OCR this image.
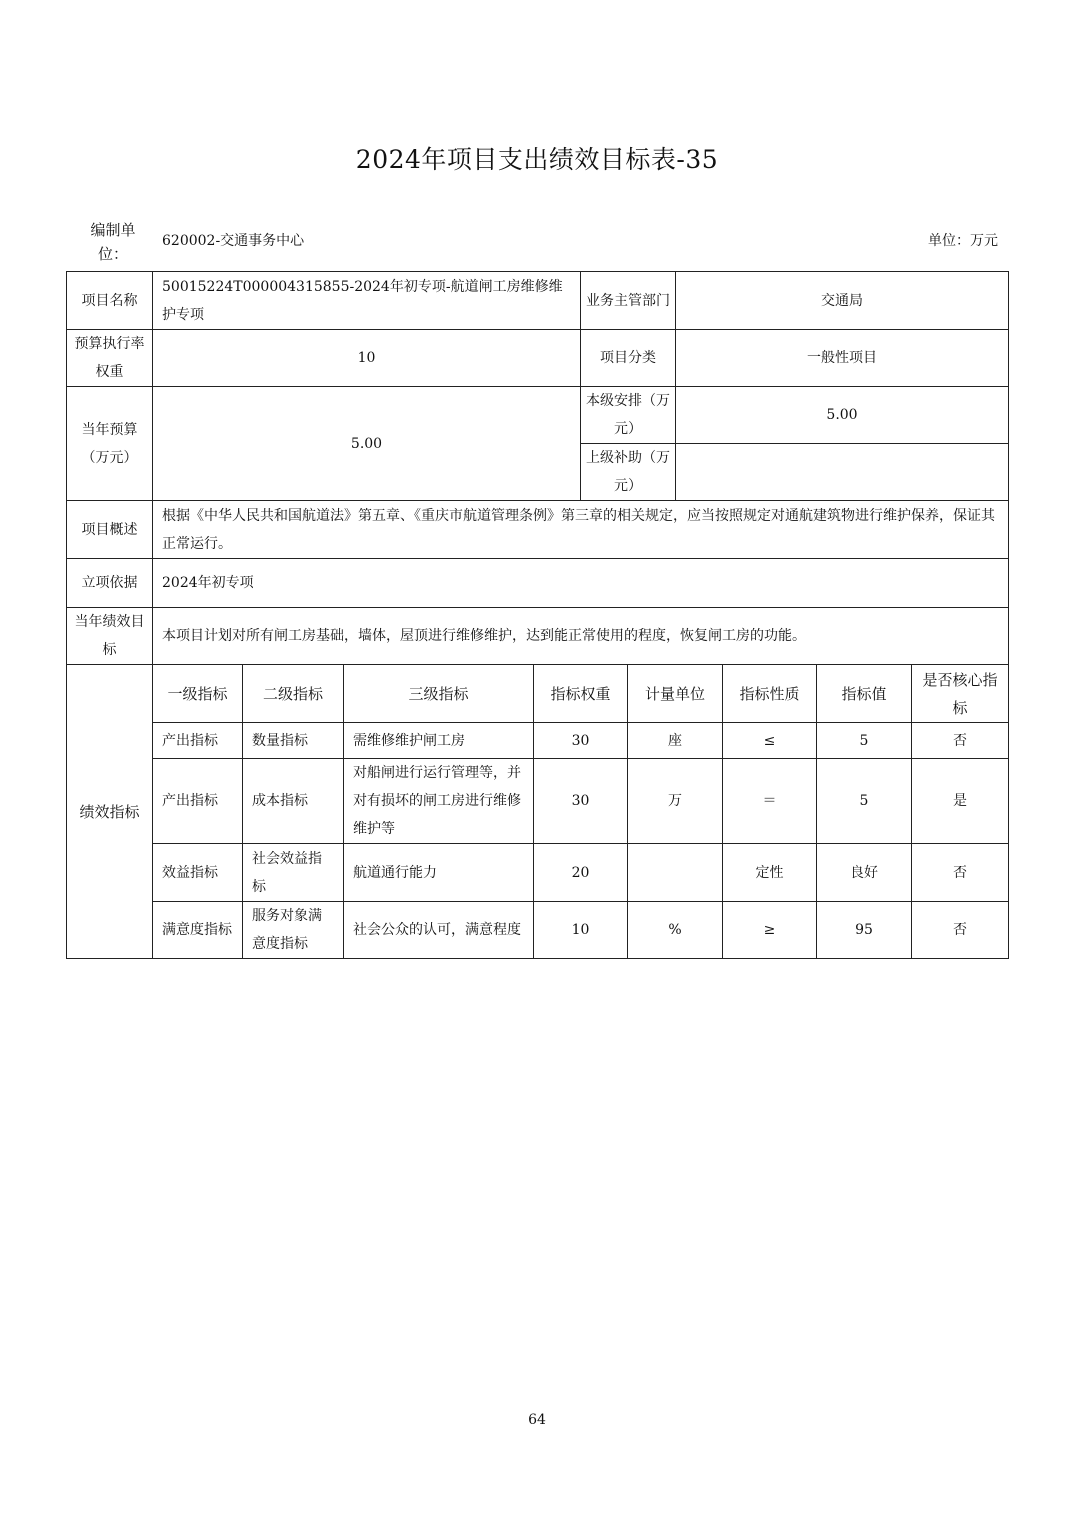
2024年项目支出绩效目标表-35
编制单位：
620002-交通事务中心	单位：万元
项目名称	50015224T000004315855-2024年初专项-航道闸工房维修维护专项	业务主管部门	交通局
预算执行率权重	10	项目分类	一般性项目
当年预算（万元）	5.00	本级安排（万元）	5.00
		上级补助（万元）	
项目概述	根据《中华人民共和国航道法》第五章、《重庆市航道管理条例》第三章的相关规定，应当按照规定对通航建筑物进行维护保养，保证其正常运行。		
立项依据	2024年初专项		
当年绩效目标	本项目计划对所有闸工房基础，墙体，屋顶进行维修维护，达到能正常使用的程度，恢复闸工房的功能。		
绩效指标	一级指标	二级指标	三级指标	指标权重	计量单位	指标性质	指标值	是否核心指标
	产出指标	数量指标	需维修维护闸工房	30	座	≤	5	否
	产出指标	成本指标	对船闸进行运行管理等，并对有损坏的闸工房进行维修维护等	30	万	＝	5	是
	效益指标	社会效益指标	航道通行能力	20		定性	良好	否
	满意度指标	服务对象满意度指标	社会公众的认可，满意程度	10	%	≥	95	否
64
